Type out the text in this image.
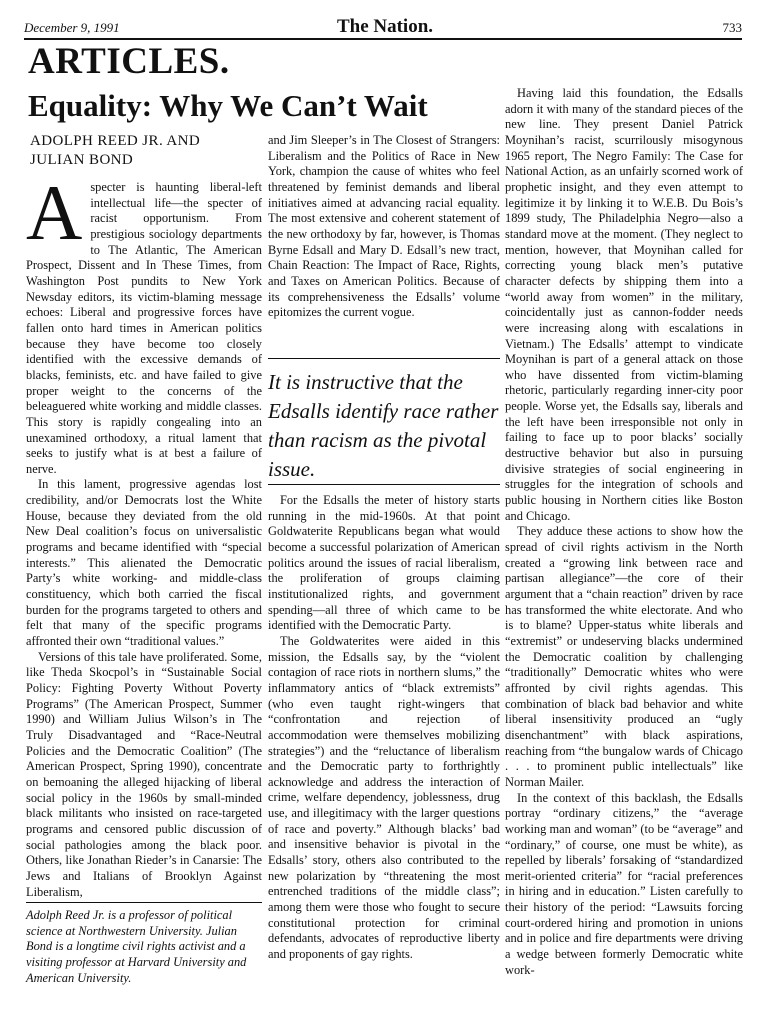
December 9, 1991	The Nation.	733
ARTICLES.
Equality: Why We Can’t Wait
ADOLPH REED JR. AND JULIAN BOND

Aspecter is haunting liberal-left intellectual life—the specter of racist opportunism. From prestigious sociology departments to The Atlantic, The American Prospect, Dissent and In These Times, from Washington Post pundits to New York Newsday editors, its victim-blaming message echoes: Liberal and progressive forces have fallen onto hard times in American politics because they have become too closely identified with the excessive demands of blacks, feminists, etc. and have failed to give proper weight to the concerns of the beleaguered white working and middle classes. This story is rapidly congealing into an unexamined orthodoxy, a ritual lament that seeks to justify what is at best a failure of nerve.

In this lament, progressive agendas lost credibility, and/or Democrats lost the White House, because they deviated from the old New Deal coalition’s focus on universalistic programs and became identified with “special interests.” This alienated the Democratic Party’s white working- and middle-class constituency, which both carried the fiscal burden for the programs targeted to others and felt that many of the specific programs affronted their own “traditional values.”

Versions of this tale have proliferated. Some, like Theda Skocpol’s in “Sustainable Social Policy: Fighting Poverty Without Poverty Programs” (The American Prospect, Summer 1990) and William Julius Wilson’s in The Truly Disadvantaged and “Race-Neutral Policies and the Democratic Coalition” (The American Prospect, Spring 1990), concentrate on bemoaning the alleged hijacking of liberal social policy in the 1960s by small-minded black militants who insisted on race-targeted programs and censored public discussion of social pathologies among the black poor. Others, like Jonathan Rieder’s in Canarsie: The Jews and Italians of Brooklyn Against Liberalism,

and Jim Sleeper’s in The Closest of Strangers: Liberalism and the Politics of Race in New York, champion the cause of whites who feel threatened by feminist demands and liberal initiatives aimed at advancing racial equality. The most extensive and coherent statement of the new orthodoxy by far, however, is Thomas Byrne Edsall and Mary D. Edsall’s new tract, Chain Reaction: The Impact of Race, Rights, and Taxes on American Politics. Because of its comprehensiveness the Edsalls’ volume epitomizes the current vogue.

It is instructive that the Edsalls identify race rather than racism as the pivotal issue.

For the Edsalls the meter of history starts running in the mid-1960s. At that point Goldwaterite Republicans began what would become a successful polarization of American politics around the issues of racial liberalism, the proliferation of groups claiming institutionalized rights, and government spending—all three of which came to be identified with the Democratic Party.

The Goldwaterites were aided in this mission, the Edsalls say, by the “violent contagion of race riots in northern slums,” the inflammatory antics of “black extremists” (who even taught right-wingers that “confrontation and rejection of accommodation were themselves mobilizing strategies”) and the “reluctance of liberalism and the Democratic party to forthrightly acknowledge and address the interaction of crime, welfare dependency, joblessness, drug use, and illegitimacy with the larger questions of race and poverty.” Although blacks’ bad and insensitive behavior is pivotal in the Edsalls’ story, others also contributed to the new polarization by “threatening the most entrenched traditions of the middle class”; among them were those who fought to secure constitutional protection for criminal defendants, advocates of reproductive liberty and proponents of gay rights.

Having laid this foundation, the Edsalls adorn it with many of the standard pieces of the new line. They present Daniel Patrick Moynihan’s racist, scurrilously misogynous 1965 report, The Negro Family: The Case for National Action, as an unfairly scorned work of prophetic insight, and they even attempt to legitimize it by linking it to W.E.B. Du Bois’s 1899 study, The Philadelphia Negro—also a standard move at the moment. (They neglect to mention, however, that Moynihan called for correcting young black men’s putative character defects by shipping them into a “world away from women” in the military, coincidentally just as cannon-fodder needs were increasing along with escalations in Vietnam.) The Edsalls’ attempt to vindicate Moynihan is part of a general attack on those who have dissented from victim-blaming rhetoric, particularly regarding inner-city poor people. Worse yet, the Edsalls say, liberals and the left have been irresponsible not only in failing to face up to poor blacks’ socially destructive behavior but also in pursuing divisive strategies of social engineering in struggles for the integration of schools and public housing in Northern cities like Boston and Chicago.

They adduce these actions to show how the spread of civil rights activism in the North created a “growing link between race and partisan allegiance”—the core of their argument that a “chain reaction” driven by race has transformed the white electorate. And who is to blame? Upper-status white liberals and “extremist” or undeserving blacks undermined the Democratic coalition by challenging “traditionally” Democratic whites who were affronted by civil rights agendas. This combination of black bad behavior and white liberal insensitivity produced an “ugly disenchantment” with black aspirations, reaching from “the bungalow wards of Chicago . . . to prominent public intellectuals” like Norman Mailer.

In the context of this backlash, the Edsalls portray “ordinary citizens,” the “average working man and woman” (to be “average” and “ordinary,” of course, one must be white), as repelled by liberals’ forsaking of “standardized merit-oriented criteria” for “racial preferences in hiring and in education.” Listen carefully to their history of the period: “Lawsuits forcing court-ordered hiring and promotion in unions and in police and fire departments were driving a wedge between formerly Democratic white work-

Adolph Reed Jr. is a professor of political science at Northwestern University. Julian Bond is a longtime civil rights activist and a visiting professor at Harvard University and American University.
